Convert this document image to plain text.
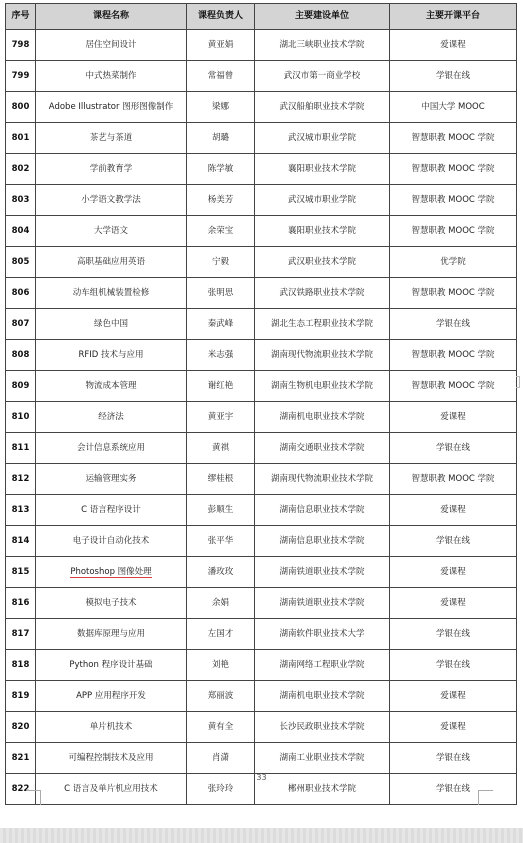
序号	课程名称	课程负责人	主要建设单位	主要开课平台
798	居住空间设计	黄亚娟	湖北三峡职业技术学院	爱课程
799	中式热菜制作	常福曾	武汉市第一商业学校	学银在线
800	Adobe Illustrator 图形图像制作	梁娜	武汉船舶职业技术学院	中国大学 MOOC
801	茶艺与茶道	胡璐	武汉城市职业学院	智慧职教 MOOC 学院
802	学前教育学	陈学敏	襄阳职业技术学院	智慧职教 MOOC 学院
803	小学语文教学法	杨美芳	武汉城市职业学院	智慧职教 MOOC 学院
804	大学语文	余荣宝	襄阳职业技术学院	智慧职教 MOOC 学院
805	高职基础应用英语	宁毅	武汉职业技术学院	优学院
806	动车组机械装置检修	张明思	武汉铁路职业技术学院	智慧职教 MOOC 学院
807	绿色中国	秦武峰	湖北生态工程职业技术学院	学银在线
808	RFID 技术与应用	米志强	湖南现代物流职业技术学院	智慧职教 MOOC 学院
809	物流成本管理	谢红艳	湖南生物机电职业技术学院	智慧职教 MOOC 学院
810	经济法	黄亚宇	湖南机电职业技术学院	爱课程
811	会计信息系统应用	黄祺	湖南交通职业技术学院	学银在线
812	运输管理实务	缪桂根	湖南现代物流职业技术学院	智慧职教 MOOC 学院
813	C 语言程序设计	彭顺生	湖南信息职业技术学院	爱课程
814	电子设计自动化技术	张平华	湖南信息职业技术学院	学银在线
815	Photoshop 图像处理	潘玫玫	湖南铁道职业技术学院	爱课程
816	模拟电子技术	余娟	湖南铁道职业技术学院	爱课程
817	数据库原理与应用	左国才	湖南软件职业技术大学	学银在线
818	Python 程序设计基础	刘艳	湖南网络工程职业学院	学银在线
819	APP 应用程序开发	郑丽波	湖南机电职业技术学院	爱课程
820	单片机技术	黄有全	长沙民政职业技术学院	爱课程
821	可编程控制技术及应用	肖潇	湖南工业职业技术学院	学银在线
822	C 语言及单片机应用技术	张玲玲	郴州职业技术学院	学银在线
33
